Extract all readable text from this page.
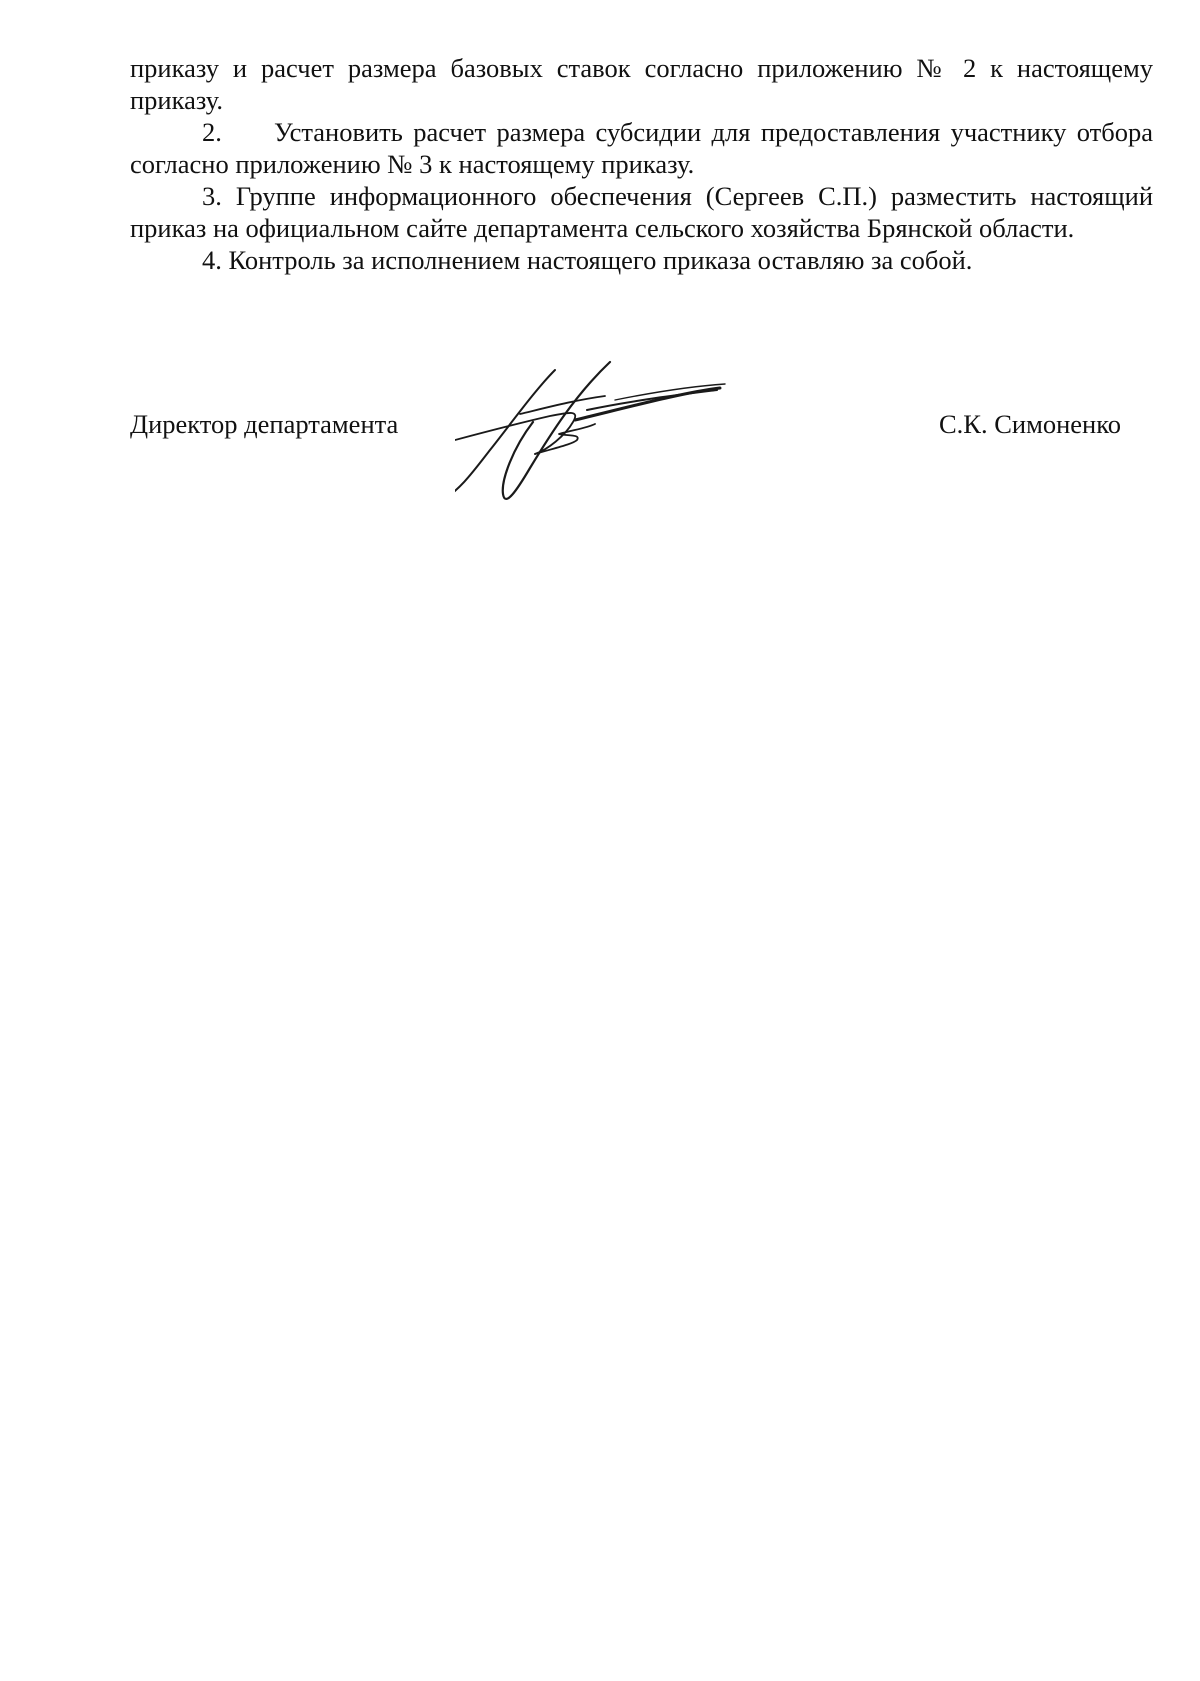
приказу и расчет размера базовых ставок согласно приложению № 2 к настоящему приказу.

2. Установить расчет размера субсидии для предоставления участнику отбора согласно приложению № 3 к настоящему приказу.

3. Группе информационного обеспечения (Сергеев С.П.) разместить настоящий приказ на официальном сайте департамента сельского хозяйства Брянской области.

4. Контроль за исполнением настоящего приказа оставляю за собой.

Директор департамента	С.К. Симоненко
